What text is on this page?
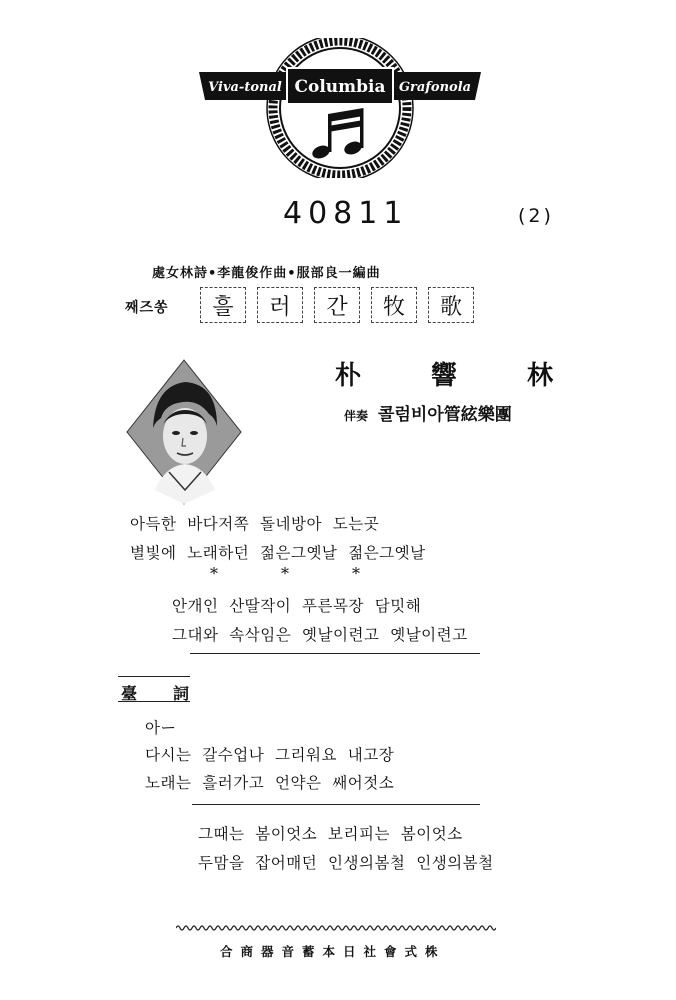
Viva-tonal Columbia Grafonola
40811	(2)
處女林詩•李龍俊作曲•服部良一編曲
째즈쏭	흘	러	간	牧	歌
朴	響	林
伴奏 콜럼비아管絃樂團
아득한  바다저쪽  돌네방아  도는곳
별빛에  노래하던  젊은그옛날  젊은그옛날
*	*	*
안개인  산딸작이  푸른목장  담밋해
그대와  속삭임은  옛날이련고  옛날이련고
臺 詞
아ー
다시는  갈수업나  그리워요  내고장
노래는  흘러가고  언약은  쌔어젓소
그때는  봄이엇소  보리피는  봄이엇소
두맘을  잡어매던  인생의봄철  인생의봄철
合商器音蓄本日社會式株
